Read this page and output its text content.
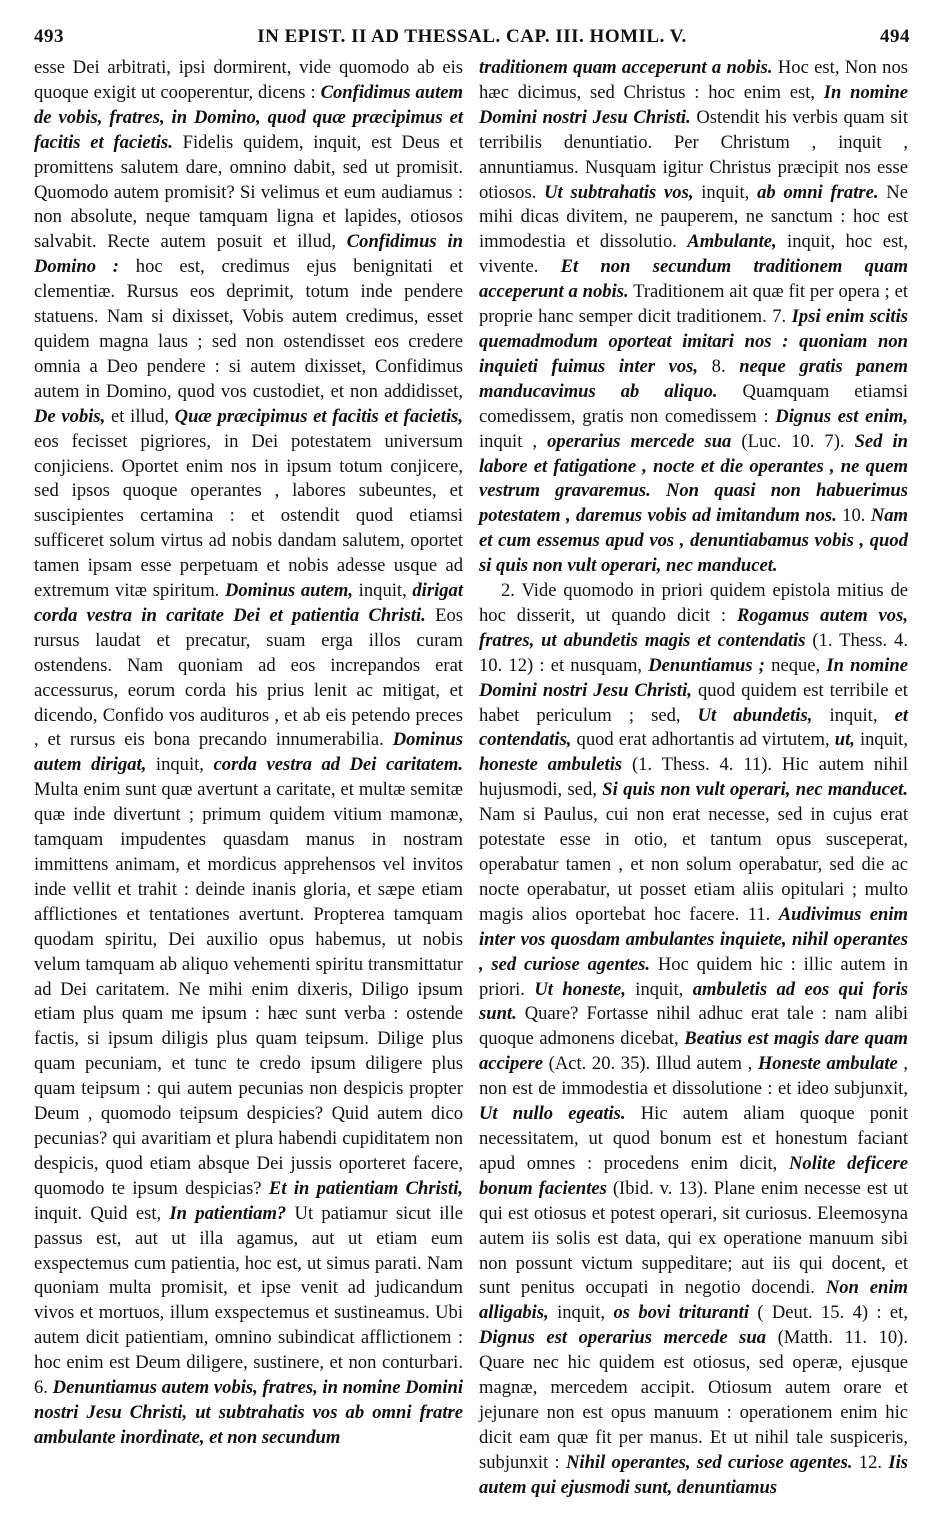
493	IN EPIST. II AD THESSAL. CAP. III. HOMIL. V.	494

esse Dei arbitrati, ipsi dormirent, vide quomodo ab eis quoque exigit ut cooperentur, dicens : Confidimus autem de vobis, fratres, in Domino, quod quæ præcipimus et facitis et facietis. Fidelis quidem, inquit, est Deus et promittens salutem dare, omnino dabit, sed ut promisit. Quomodo autem promisit? Si velimus et eum audiamus : non absolute, neque tamquam ligna et lapides, otiosos salvabit. Recte autem posuit et illud, Confidimus in Domino : hoc est, credimus ejus benignitati et clementiæ. Rursus eos deprimit, totum inde pendere statuens. Nam si dixisset, Vobis autem credimus, esset quidem magna laus ; sed non ostendisset eos credere omnia a Deo pendere : si autem dixisset, Confidimus autem in Domino, quod vos custodiet, et non addidisset, De vobis, et illud, Quæ præcipimus et facitis et facietis, eos fecisset pigriores, in Dei potestatem universum conjiciens. Oportet enim nos in ipsum totum conjicere, sed ipsos quoque operantes , labores subeuntes, et suscipientes certamina : et ostendit quod etiamsi sufficeret solum virtus ad nobis dandam salutem, oportet tamen ipsam esse perpetuam et nobis adesse usque ad extremum vitæ spiritum. Dominus autem, inquit, dirigat corda vestra in caritate Dei et patientia Christi. Eos rursus laudat et precatur, suam erga illos curam ostendens. Nam quoniam ad eos increpandos erat accessurus, eorum corda his prius lenit ac mitigat, et dicendo, Confido vos audituros , et ab eis petendo preces , et rursus eis bona precando innumerabilia. Dominus autem dirigat, inquit, corda vestra ad Dei caritatem. Multa enim sunt quæ avertunt a caritate, et multæ semitæ quæ inde divertunt ; primum quidem vitium mamonæ, tamquam impudentes quasdam manus in nostram immittens animam, et mordicus apprehensos vel invitos inde vellit et trahit : deinde inanis gloria, et sæpe etiam afflictiones et tentationes avertunt. Propterea tamquam quodam spiritu, Dei auxilio opus habemus, ut nobis velum tamquam ab aliquo vehementi spiritu transmittatur ad Dei caritatem. Ne mihi enim dixeris, Diligo ipsum etiam plus quam me ipsum : hæc sunt verba : ostende factis, si ipsum diligis plus quam teipsum. Dilige plus quam pecuniam, et tunc te credo ipsum diligere plus quam teipsum : qui autem pecunias non despicis propter Deum , quomodo teipsum despicies? Quid autem dico pecunias? qui avaritiam et plura habendi cupiditatem non despicis, quod etiam absque Dei jussis oporteret facere, quomodo te ipsum despicias? Et in patientiam Christi, inquit. Quid est, In patientiam? Ut patiamur sicut ille passus est, aut ut illa agamus, aut ut etiam eum exspectemus cum patientia, hoc est, ut simus parati. Nam quoniam multa promisit, et ipse venit ad judicandum vivos et mortuos, illum exspectemus et sustineamus. Ubi autem dicit patientiam, omnino subindicat afflictionem : hoc enim est Deum diligere, sustinere, et non conturbari. 6. Denuntiamus autem vobis, fratres, in nomine Domini nostri Jesu Christi, ut subtrahatis vos ab omni fratre ambulante inordinate, et non secundum

traditionem quam acceperunt a nobis. Hoc est, Non nos hæc dicimus, sed Christus : hoc enim est, In nomine Domini nostri Jesu Christi. Ostendit his verbis quam sit terribilis denuntiatio. Per Christum , inquit , annuntiamus. Nusquam igitur Christus præcipit nos esse otiosos. Ut subtrahatis vos, inquit, ab omni fratre. Ne mihi dicas divitem, ne pauperem, ne sanctum : hoc est immodestia et dissolutio. Ambulante, inquit, hoc est, vivente. Et non secundum traditionem quam acceperunt a nobis. Traditionem ait quæ fit per opera ; et proprie hanc semper dicit traditionem. 7. Ipsi enim scitis quemadmodum oporteat imitari nos : quoniam non inquieti fuimus inter vos, 8. neque gratis panem manducavimus ab aliquo. Quamquam etiamsi comedissem, gratis non comedissem : Dignus est enim, inquit , operarius mercede sua (Luc. 10. 7). Sed in labore et fatigatione , nocte et die operantes , ne quem vestrum gravaremus. Non quasi non habuerimus potestatem , daremus vobis ad imitandum nos. 10. Nam et cum essemus apud vos , denuntiabamus vobis , quod si quis non vult operari, nec manducet.

2. Vide quomodo in priori quidem epistola mitius de hoc disserit, ut quando dicit : Rogamus autem vos, fratres, ut abundetis magis et contendatis (1. Thess. 4. 10. 12) : et nusquam, Denuntiamus ; neque, In nomine Domini nostri Jesu Christi, quod quidem est terribile et habet periculum ; sed, Ut abundetis, inquit, et contendatis, quod erat adhortantis ad virtutem, ut, inquit, honeste ambuletis (1. Thess. 4. 11). Hic autem nihil hujusmodi, sed, Si quis non vult operari, nec manducet. Nam si Paulus, cui non erat necesse, sed in cujus erat potestate esse in otio, et tantum opus susceperat, operabatur tamen , et non solum operabatur, sed die ac nocte operabatur, ut posset etiam aliis opitulari ; multo magis alios oportebat hoc facere. 11. Audivimus enim inter vos quosdam ambulantes inquiete, nihil operantes , sed curiose agentes. Hoc quidem hic : illic autem in priori. Ut honeste, inquit, ambuletis ad eos qui foris sunt. Quare? Fortasse nihil adhuc erat tale : nam alibi quoque admonens dicebat, Beatius est magis dare quam accipere (Act. 20. 35). Illud autem , Honeste ambulate , non est de immodestia et dissolutione : et ideo subjunxit, Ut nullo egeatis. Hic autem aliam quoque ponit necessitatem, ut quod bonum est et honestum faciant apud omnes : procedens enim dicit, Nolite deficere bonum facientes (Ibid. v. 13). Plane enim necesse est ut qui est otiosus et potest operari, sit curiosus. Eleemosyna autem iis solis est data, qui ex operatione manuum sibi non possunt victum suppeditare; aut iis qui docent, et sunt penitus occupati in negotio docendi. Non enim alligabis, inquit, os bovi trituranti ( Deut. 15. 4) : et, Dignus est operarius mercede sua (Matth. 11. 10). Quare nec hic quidem est otiosus, sed operæ, ejusque magnæ, mercedem accipit. Otiosum autem orare et jejunare non est opus manuum : operationem enim hic dicit eam quæ fit per manus. Et ut nihil tale suspiceris, subjunxit : Nihil operantes, sed curiose agentes. 12. Iis autem qui ejusmodi sunt, denuntiamus
